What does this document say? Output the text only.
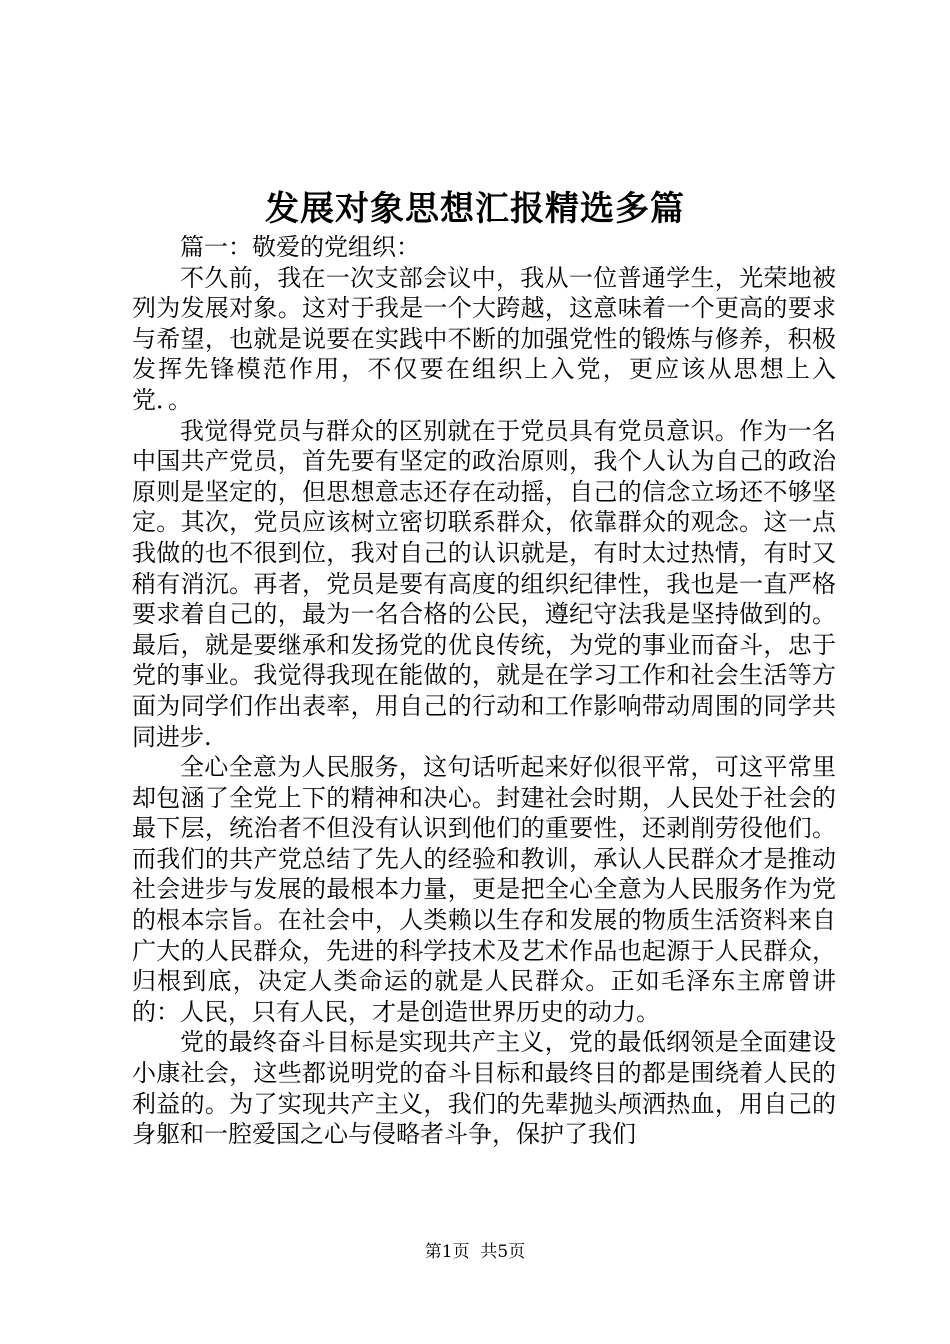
发展对象思想汇报精选多篇

篇一：敬爱的党组织：

不久前，我在一次支部会议中，我从一位普通学生，光荣地被列为发展对象。这对于我是一个大跨越，这意味着一个更高的要求与希望，也就是说要在实践中不断的加强党性的锻炼与修养，积极发挥先锋模范作用，不仅要在组织上入党，更应该从思想上入党．。

我觉得党员与群众的区别就在于党员具有党员意识。作为一名中国共产党员，首先要有坚定的政治原则，我个人认为自己的政治原则是坚定的，但思想意志还存在动摇，自己的信念立场还不够坚定。其次，党员应该树立密切联系群众，依靠群众的观念。这一点我做的也不很到位，我对自己的认识就是，有时太过热情，有时又稍有消沉。再者，党员是要有高度的组织纪律性，我也是一直严格要求着自己的，最为一名合格的公民，遵纪守法我是坚持做到的。最后，就是要继承和发扬党的优良传统，为党的事业而奋斗，忠于党的事业。我觉得我现在能做的，就是在学习工作和社会生活等方面为同学们作出表率，用自己的行动和工作影响带动周围的同学共同进步.

全心全意为人民服务，这句话听起来好似很平常，可这平常里却包涵了全党上下的精神和决心。封建社会时期，人民处于社会的最下层，统治者不但没有认识到他们的重要性，还剥削劳役他们。而我们的共产党总结了先人的经验和教训，承认人民群众才是推动社会进步与发展的最根本力量，更是把全心全意为人民服务作为党的根本宗旨。在社会中，人类赖以生存和发展的物质生活资料来自广大的人民群众，先进的科学技术及艺术作品也起源于人民群众，归根到底，决定人类命运的就是人民群众。正如毛泽东主席曾讲的：人民，只有人民，才是创造世界历史的动力。

党的最终奋斗目标是实现共产主义，党的最低纲领是全面建设小康社会，这些都说明党的奋斗目标和最终目的都是围绕着人民的利益的。为了实现共产主义，我们的先辈抛头颅洒热血，用自己的身躯和一腔爱国之心与侵略者斗争，保护了我们

第1页  共5页
